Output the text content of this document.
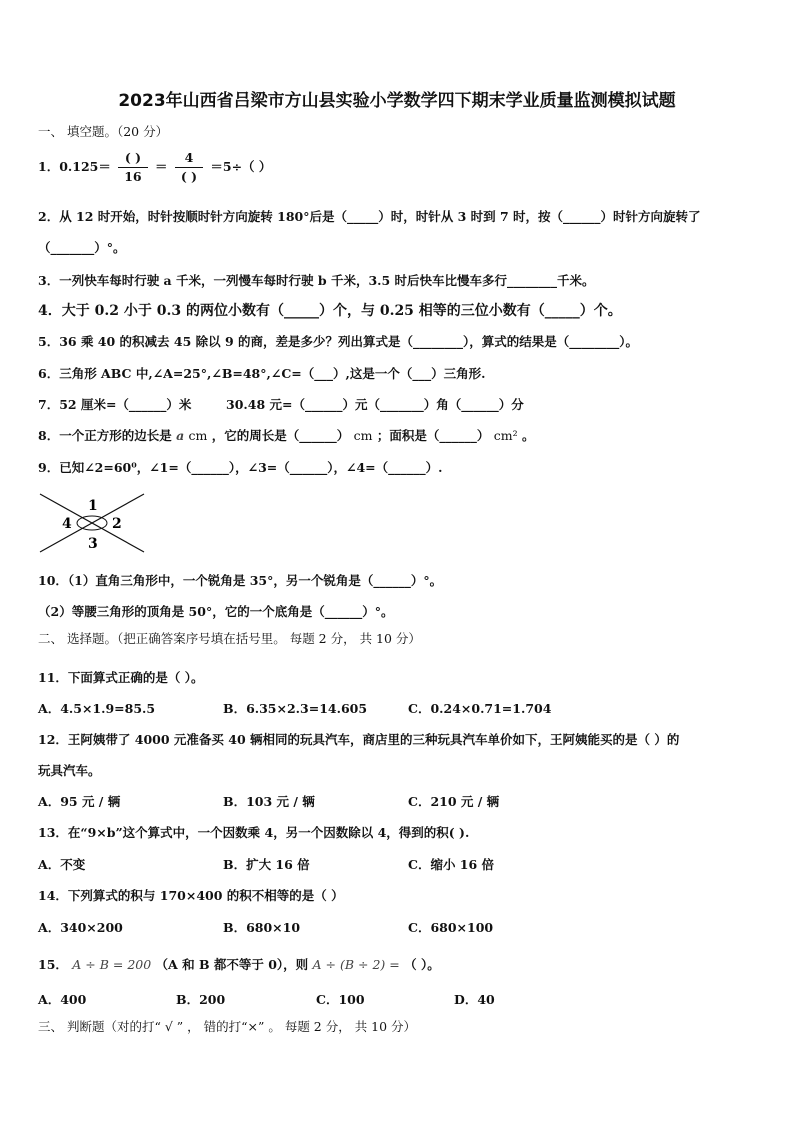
2023年山西省吕梁市方山县实验小学数学四下期末学业质量监测模拟试题
一、 填空题。（20 分）
1．$0.125= \frac{( )}{16} = \frac{4}{( )} =5\div$（ ）
2．从 12 时开始，时针按顺时针方向旋转 180°后是（_____）时，时针从 3 时到 7 时，按（______）时针方向旋转了
（_______）°。
3．一列快车每时行驶 a 千米，一列慢车每时行驶 b 千米，3.5 时后快车比慢车多行________千米。
4．大于 0.2 小于 0.3 的两位小数有（_____）个，与 0.25 相等的三位小数有（_____）个。
5．36 乘 40 的积减去 45 除以 9 的商，差是多少？列出算式是（________），算式的结果是（________）。
6．三角形 ABC 中,∠A=25°,∠B=48°,∠C=（___）,这是一个（___）三角形.
7．52 厘米=（______）米	30.48 元=（______）元（_______）角（______）分
8．一个正方形的边长是 a cm ，它的周长是（______） cm ；面积是（______） cm² 。
9．已知∠2=60⁰，∠1=（______），∠3=（______），∠4=（______）.
1
2
3
4
10．（1）直角三角形中，一个锐角是 35°，另一个锐角是（______）°。
（2）等腰三角形的顶角是 50°，它的一个底角是（______）°。
二、 选择题。（把正确答案序号填在括号里。 每题 2 分， 共 10 分）
11．下面算式正确的是（ ）。
A．4.5×1.9=85.5	B．6.35×2.3=14.605	C．0.24×0.71=1.704
12．王阿姨带了 4000 元准备买 40 辆相同的玩具汽车，商店里的三种玩具汽车单价如下，王阿姨能买的是（ ）的
玩具汽车。
A．95 元 / 辆	B．103 元 / 辆	C．210 元 / 辆
13．在“9×b”这个算式中，一个因数乘 4，另一个因数除以 4，得到的积( ).
A．不变	B．扩大 16 倍	C．缩小 16 倍
14．下列算式的积与 170×400 的积不相等的是（ ）
A．340×200	B．680×10	C．680×100
15． A ÷ B = 200 （A 和 B 都不等于 0），则 A ÷ (B ÷ 2) = （ ）。
A．400	B．200	C．100	D．40
三、 判断题（对的打“ √ ” ， 错的打“×” 。 每题 2 分， 共 10 分）
